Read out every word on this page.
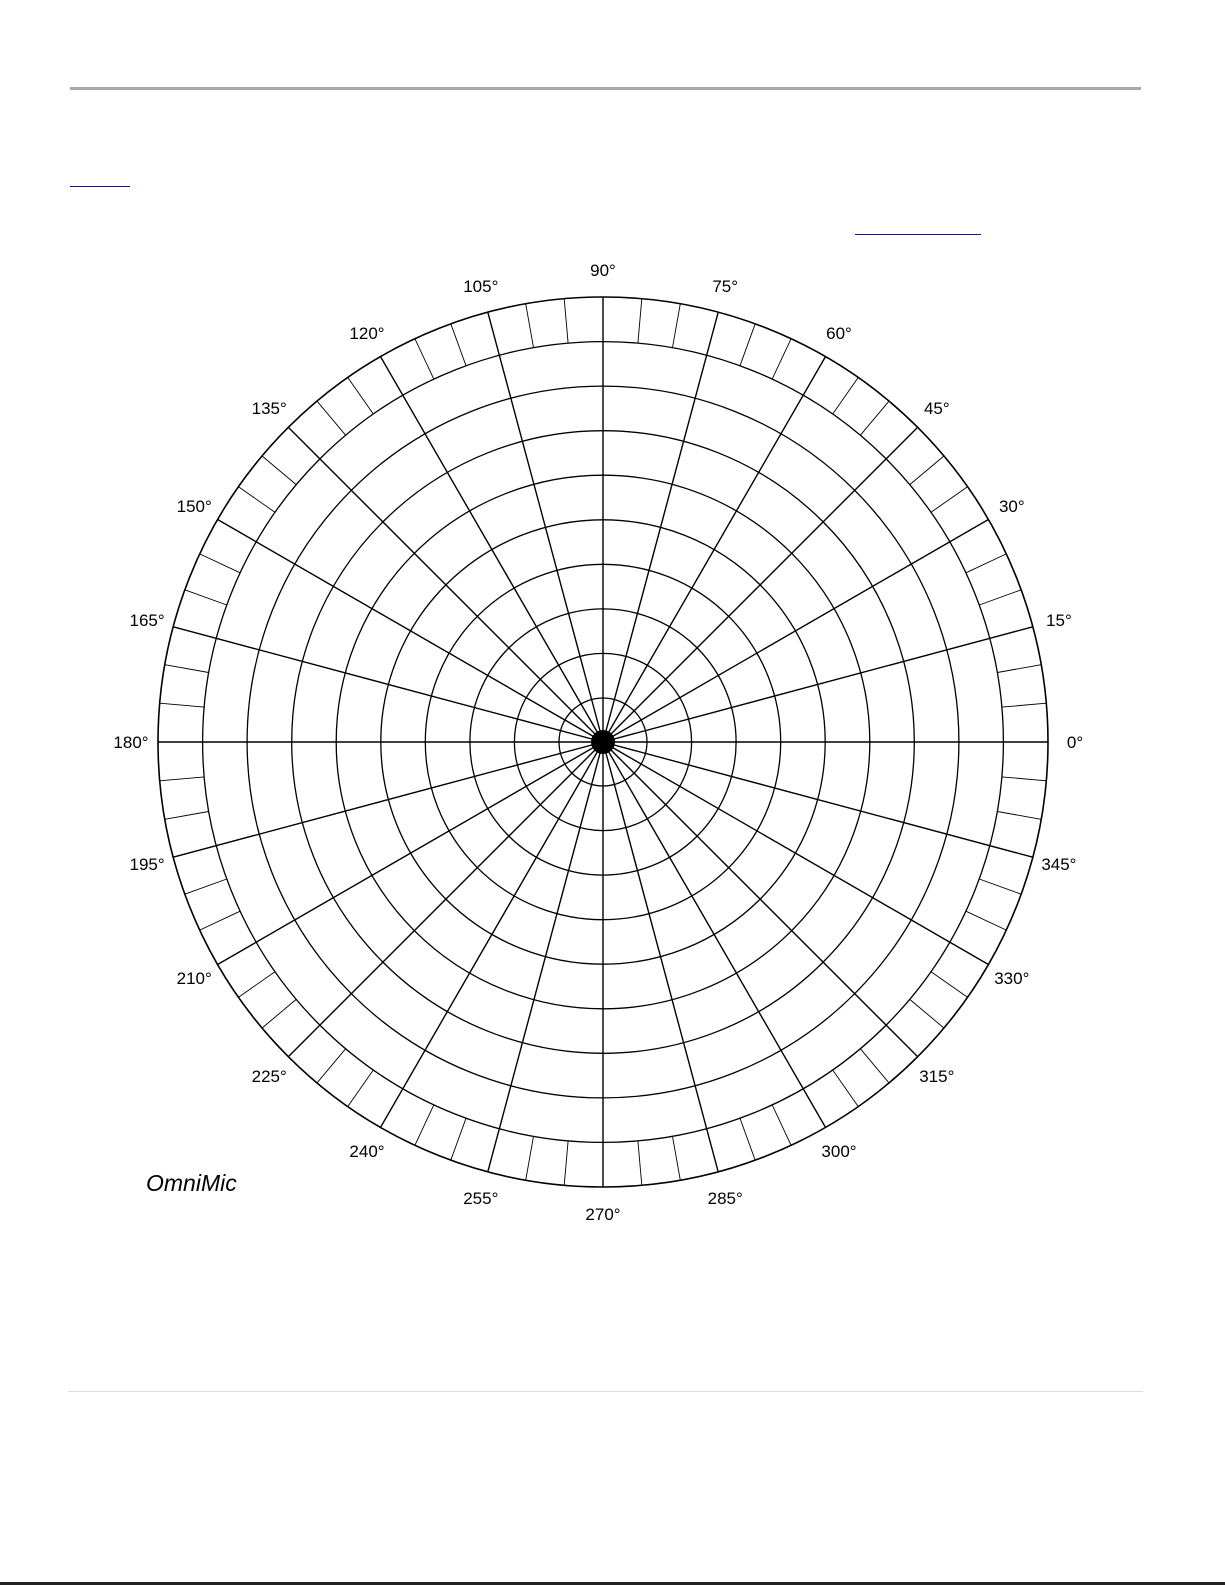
0°
15°
30°
45°
60°
75°
90°
105°
120°
135°
150°
165°
180°
195°
210°
225°
240°
255°
270°
285°
300°
315°
330°
345°
OmniMic
